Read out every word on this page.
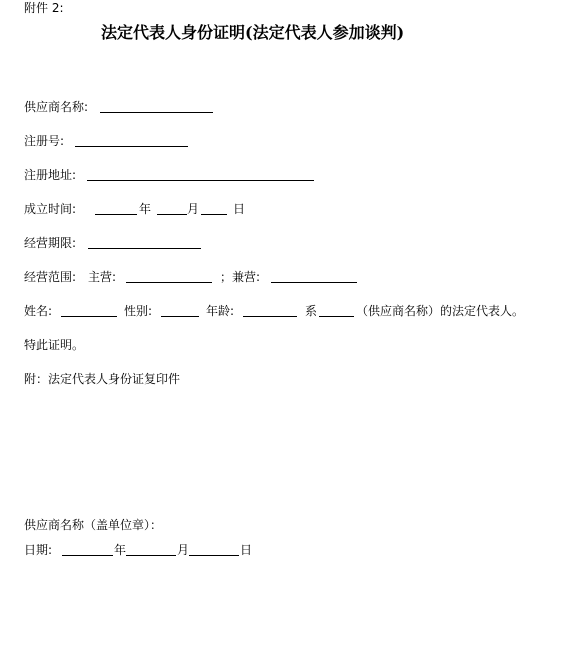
附件 2:
法定代表人身份证明(法定代表人参加谈判)
供应商名称:
注册号:
注册地址:
成立时间:	年	月	日
经营期限:
经营范围: 主营:	；兼营:
姓名:	性别:	年龄:	系	（供应商名称）的法定代表人。
特此证明。
附：法定代表人身份证复印件
供应商名称（盖单位章）：
日期:	年	月	日
